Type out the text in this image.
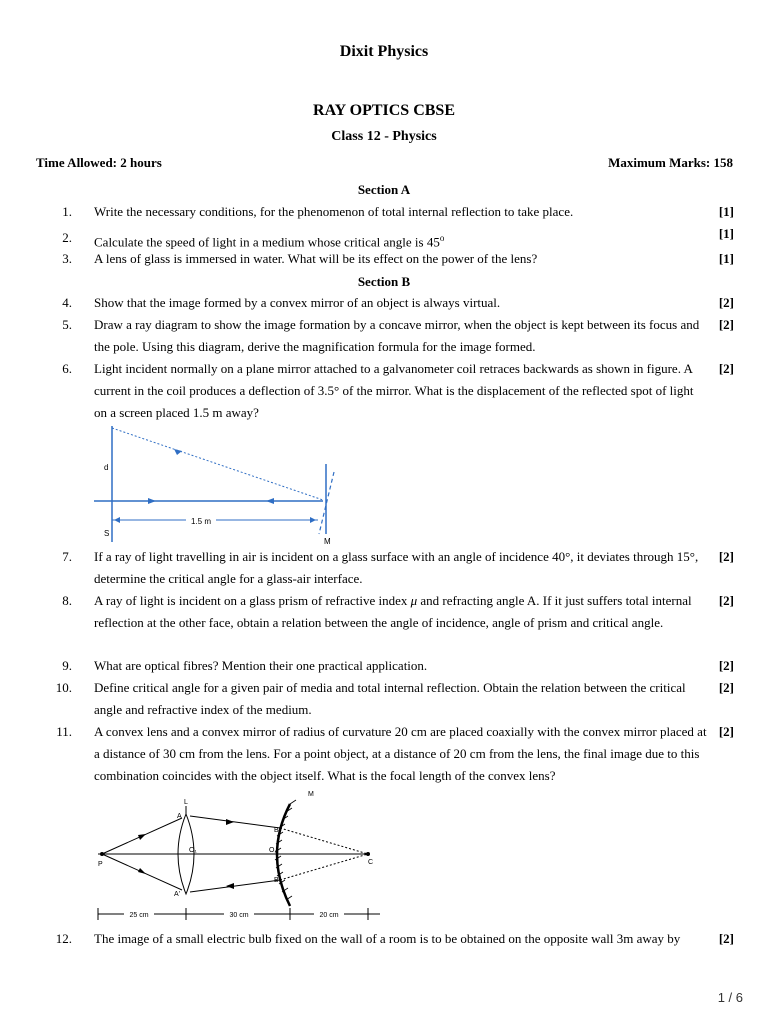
Dixit Physics
RAY OPTICS CBSE
Class 12 - Physics
Time Allowed: 2 hours	Maximum Marks: 158
Section A
1. Write the necessary conditions, for the phenomenon of total internal reflection to take place.	[1]
2. Calculate the speed of light in a medium whose critical angle is 45$^o$	[1]
3. A lens of glass is immersed in water. What will be its effect on the power of the lens?	[1]
Section B
4. Show that the image formed by a convex mirror of an object is always virtual.	[2]
5. Draw a ray diagram to show the image formation by a concave mirror, when the object is kept between its focus and the pole. Using this diagram, derive the magnification formula for the image formed.
[2]
6. Light incident normally on a plane mirror attached to a galvanometer coil retraces backwards as shown in figure. A current in the coil produces a deflection of 3.5° of the mirror. What is the displacement of the reflected spot of light on a screen placed 1.5 m away?
[2]
1.5 m
d
S
M
7. If a ray of light travelling in air is incident on a glass surface with an angle of incidence 40°, it deviates through 15°, determine the critical angle for a glass-air interface.
[2]
8. A ray of light is incident on a glass prism of refractive index μ and refracting angle A. If it just suffers total internal reflection at the other face, obtain a relation between the angle of incidence, angle of prism and critical angle.
[2]
9. What are optical fibres? Mention their one practical application.	[2]
10. Define critical angle for a given pair of media and total internal reflection. Obtain the relation between the critical angle and refractive index of the medium.
[2]
11. A convex lens and a convex mirror of radius of curvature 20 cm are placed coaxially with the convex mirror placed at a distance of 30 cm from the lens. For a point object, at a distance of 20 cm from the lens, the final image due to this combination coincides with the object itself. What is the focal length of the convex lens?
[2]
25 cm	30 cm	20 cm
L
M
A
A'
O₁	O₂
B
B'
P	C
12. The image of a small electric bulb fixed on the wall of a room is to be obtained on the opposite wall 3m away by	[2]
1 / 6
